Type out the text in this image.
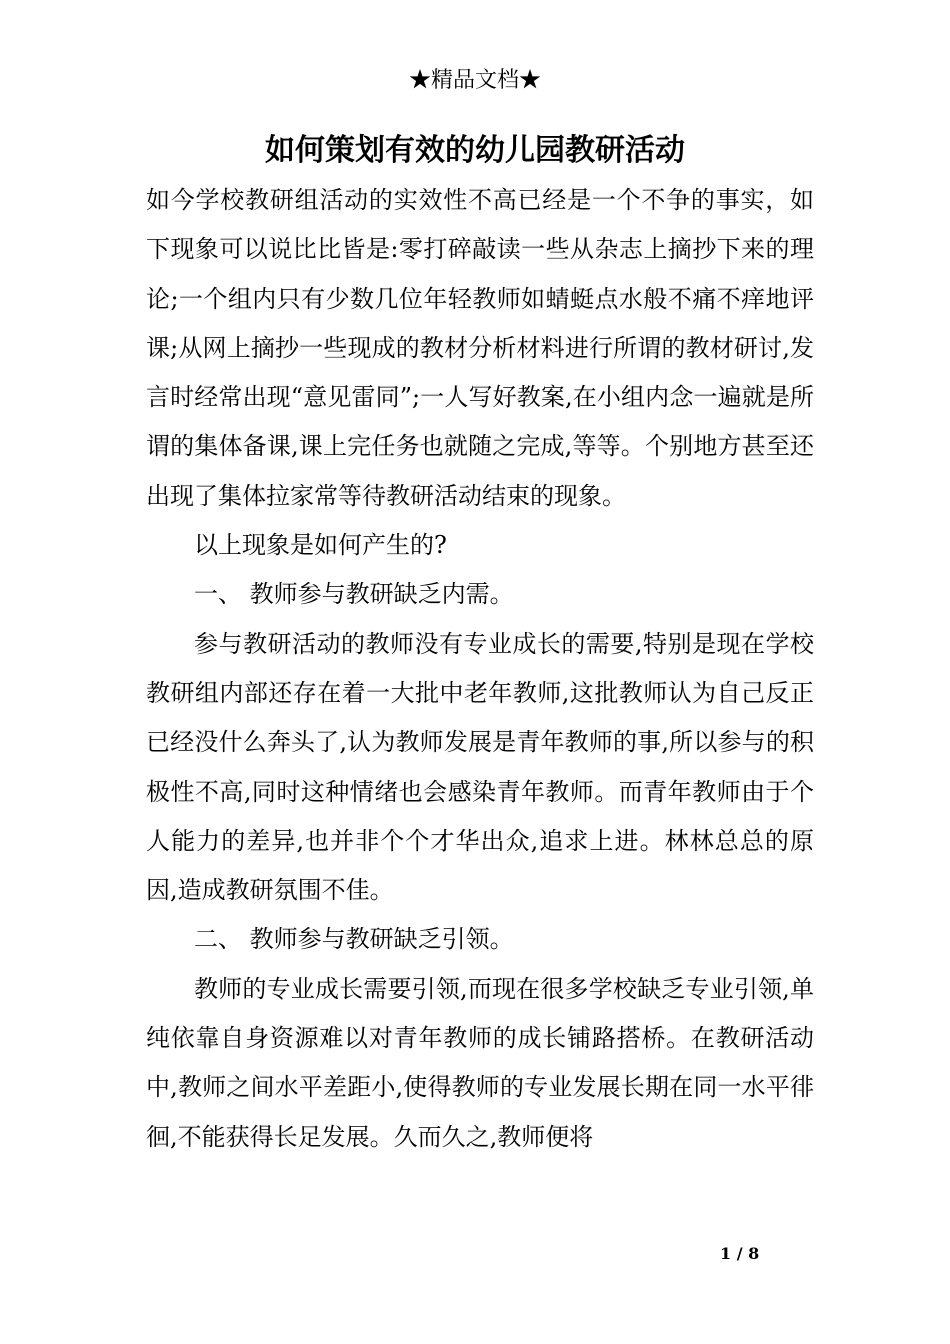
★精品文档★
如何策划有效的幼儿园教研活动

如今学校教研组活动的实效性不高已经是一个不争的事实，如下现象可以说比比皆是:零打碎敲读一些从杂志上摘抄下来的理论;一个组内只有少数几位年轻教师如蜻蜓点水般不痛不痒地评课;从网上摘抄一些现成的教材分析材料进行所谓的教材研讨,发言时经常出现“意见雷同”;一人写好教案,在小组内念一遍就是所谓的集体备课,课上完任务也就随之完成,等等。个别地方甚至还出现了集体拉家常等待教研活动结束的现象。

以上现象是如何产生的?

一、 教师参与教研缺乏内需。

参与教研活动的教师没有专业成长的需要,特别是现在学校教研组内部还存在着一大批中老年教师,这批教师认为自己反正已经没什么奔头了,认为教师发展是青年教师的事,所以参与的积极性不高,同时这种情绪也会感染青年教师。而青年教师由于个人能力的差异,也并非个个才华出众,追求上进。林林总总的原因,造成教研氛围不佳。

二、 教师参与教研缺乏引领。

教师的专业成长需要引领,而现在很多学校缺乏专业引领,单纯依靠自身资源难以对青年教师的成长铺路搭桥。在教研活动中,教师之间水平差距小,使得教师的专业发展长期在同一水平徘徊,不能获得长足发展。久而久之,教师便将

1 / 8
